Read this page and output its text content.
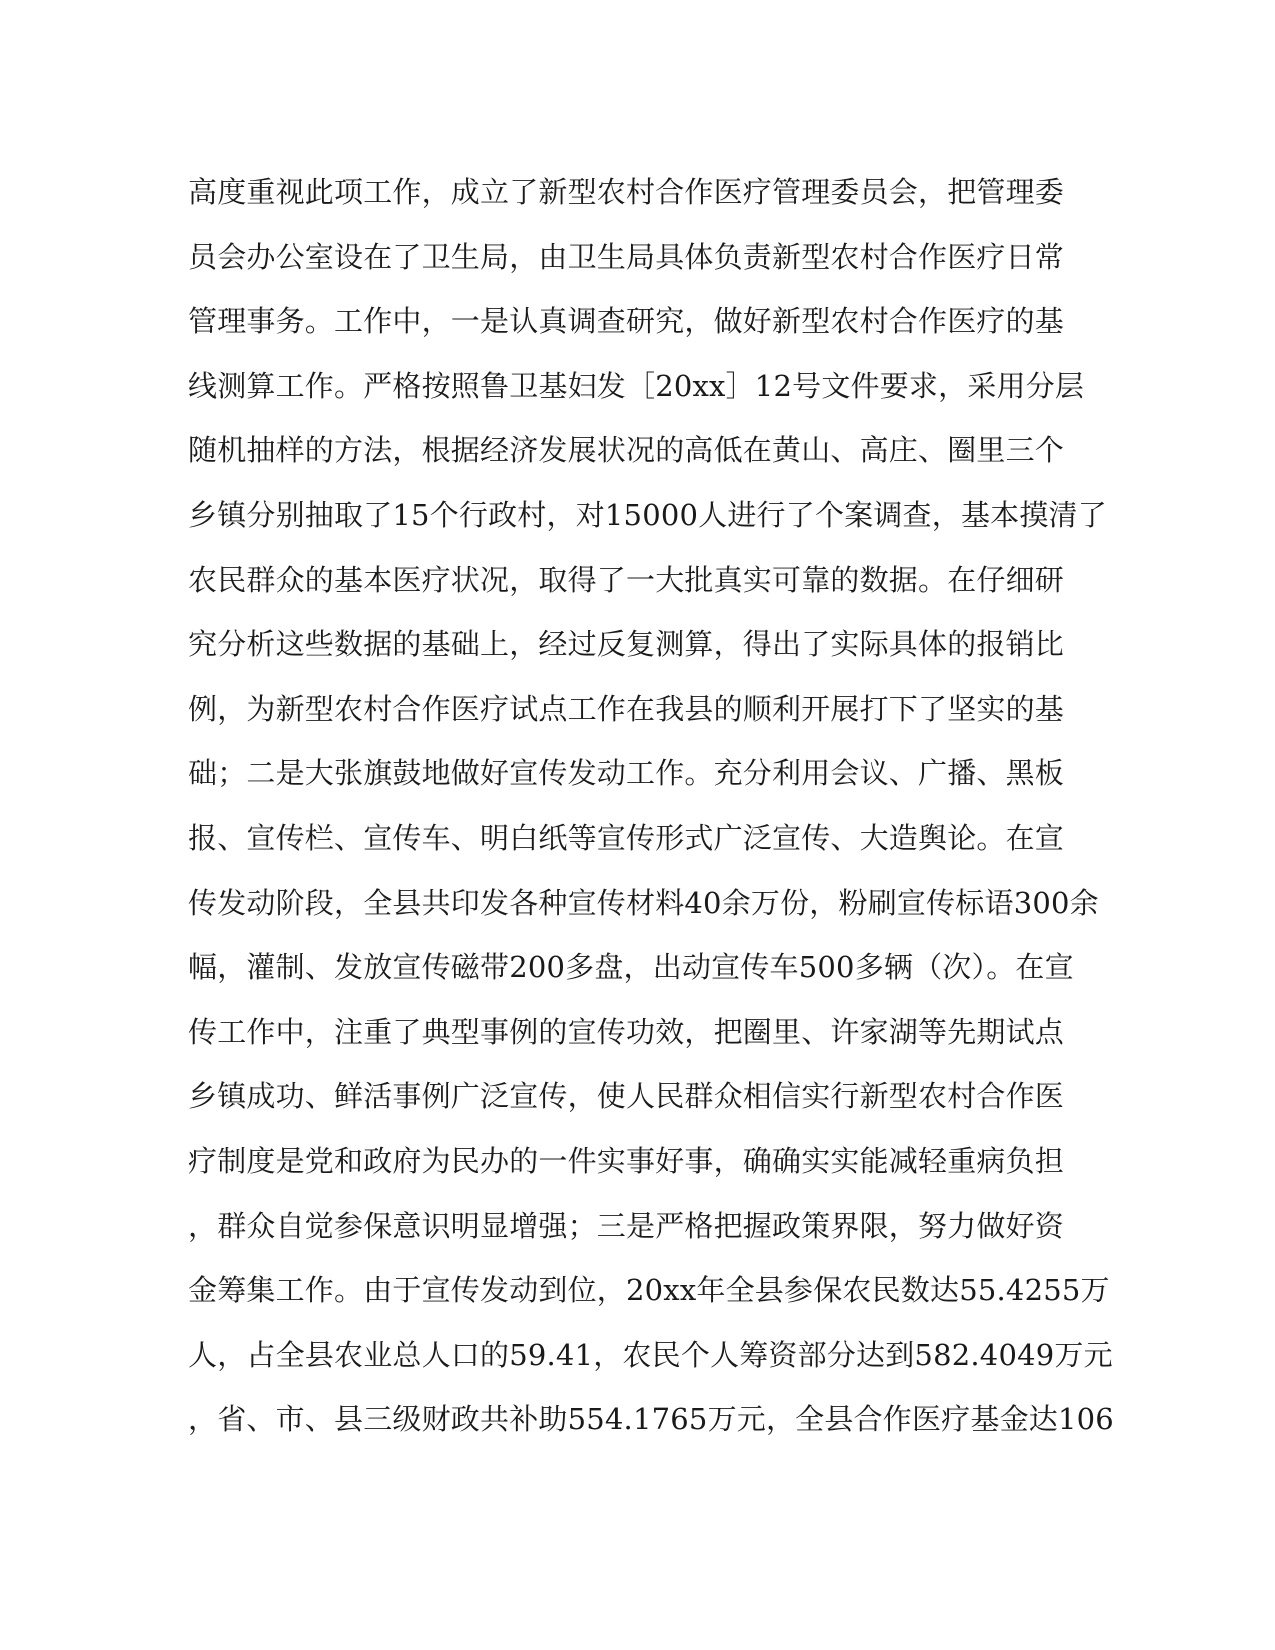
高度重视此项工作，成立了新型农村合作医疗管理委员会，把管理委
员会办公室设在了卫生局，由卫生局具体负责新型农村合作医疗日常
管理事务。工作中，一是认真调查研究，做好新型农村合作医疗的基
线测算工作。严格按照鲁卫基妇发［20xx］12号文件要求，采用分层
随机抽样的方法，根据经济发展状况的高低在黄山、高庄、圈里三个
乡镇分别抽取了15个行政村，对15000人进行了个案调查，基本摸清了
农民群众的基本医疗状况，取得了一大批真实可靠的数据。在仔细研
究分析这些数据的基础上，经过反复测算，得出了实际具体的报销比
例，为新型农村合作医疗试点工作在我县的顺利开展打下了坚实的基
础；二是大张旗鼓地做好宣传发动工作。充分利用会议、广播、黑板
报、宣传栏、宣传车、明白纸等宣传形式广泛宣传、大造舆论。在宣
传发动阶段，全县共印发各种宣传材料40余万份，粉刷宣传标语300余
幅，灌制、发放宣传磁带200多盘，出动宣传车500多辆（次）。在宣
传工作中，注重了典型事例的宣传功效，把圈里、许家湖等先期试点
乡镇成功、鲜活事例广泛宣传，使人民群众相信实行新型农村合作医
疗制度是党和政府为民办的一件实事好事，确确实实能减轻重病负担
，群众自觉参保意识明显增强；三是严格把握政策界限，努力做好资
金筹集工作。由于宣传发动到位，20xx年全县参保农民数达55.4255万
人，占全县农业总人口的59.41，农民个人筹资部分达到582.4049万元
，省、市、县三级财政共补助554.1765万元，全县合作医疗基金达106
